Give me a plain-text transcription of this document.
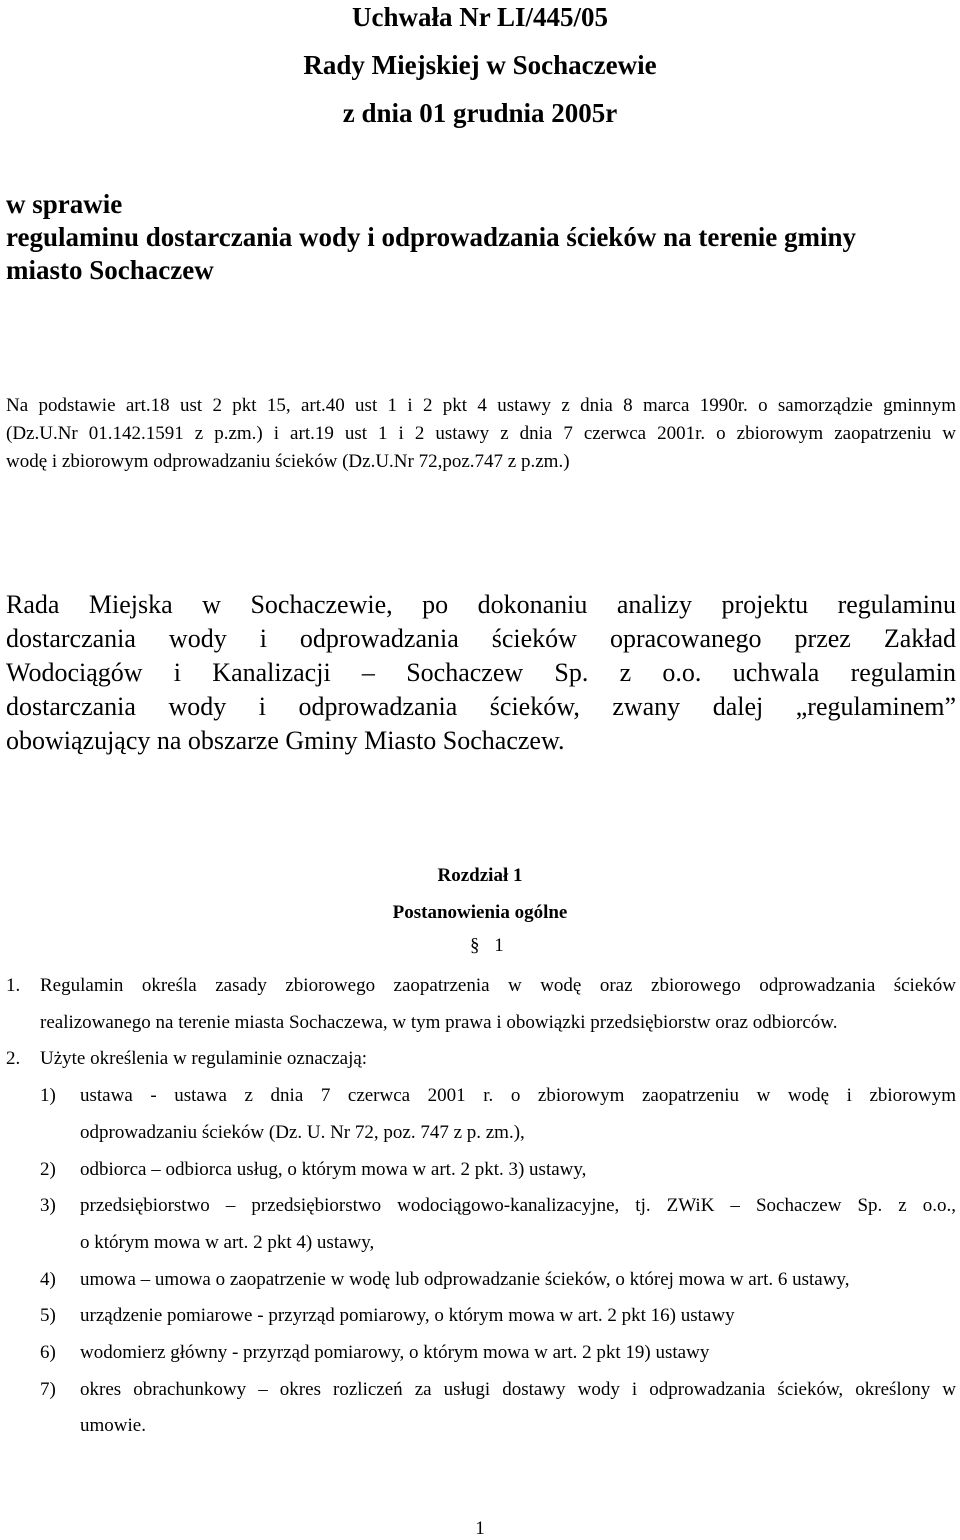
Uchwała Nr LI/445/05
Rady Miejskiej w Sochaczewie
z dnia 01 grudnia 2005r
w sprawie
regulaminu dostarczania wody i odprowadzania ścieków na terenie gminy
miasto Sochaczew
Na podstawie art.18 ust 2 pkt 15, art.40 ust 1 i 2 pkt 4 ustawy z dnia 8 marca 1990r. o samorządzie gminnym
(Dz.U.Nr 01.142.1591 z p.zm.) i art.19 ust 1 i 2 ustawy z dnia 7 czerwca 2001r. o zbiorowym zaopatrzeniu w
wodę i zbiorowym odprowadzaniu ścieków (Dz.U.Nr 72,poz.747 z p.zm.)
Rada Miejska w Sochaczewie, po dokonaniu analizy projektu regulaminu
dostarczania wody i odprowadzania ścieków opracowanego przez Zakład
Wodociągów i Kanalizacji – Sochaczew Sp. z o.o. uchwala regulamin
dostarczania wody i odprowadzania ścieków, zwany dalej „regulaminem”
obowiązujący na obszarze Gminy Miasto Sochaczew.
Rozdział 1
Postanowienia ogólne
§ 1
1. Regulamin określa zasady zbiorowego zaopatrzenia w wodę oraz zbiorowego odprowadzania ścieków
realizowanego na terenie miasta Sochaczewa, w tym prawa i obowiązki przedsiębiorstw oraz odbiorców.
2. Użyte określenia w regulaminie oznaczają:
1) ustawa - ustawa z dnia 7 czerwca 2001 r. o zbiorowym zaopatrzeniu w wodę i zbiorowym
odprowadzaniu ścieków (Dz. U. Nr 72, poz. 747 z p. zm.),
2) odbiorca – odbiorca usług, o którym mowa w art. 2 pkt. 3) ustawy,
3) przedsiębiorstwo – przedsiębiorstwo wodociągowo-kanalizacyjne, tj. ZWiK – Sochaczew Sp. z o.o.,
o którym mowa w art. 2 pkt 4) ustawy,
4) umowa – umowa o zaopatrzenie w wodę lub odprowadzanie ścieków, o której mowa w art. 6 ustawy,
5) urządzenie pomiarowe - przyrząd pomiarowy, o którym mowa w art. 2 pkt 16) ustawy
6) wodomierz główny - przyrząd pomiarowy, o którym mowa w art. 2 pkt 19) ustawy
7) okres obrachunkowy – okres rozliczeń za usługi dostawy wody i odprowadzania ścieków, określony w
umowie.
1
